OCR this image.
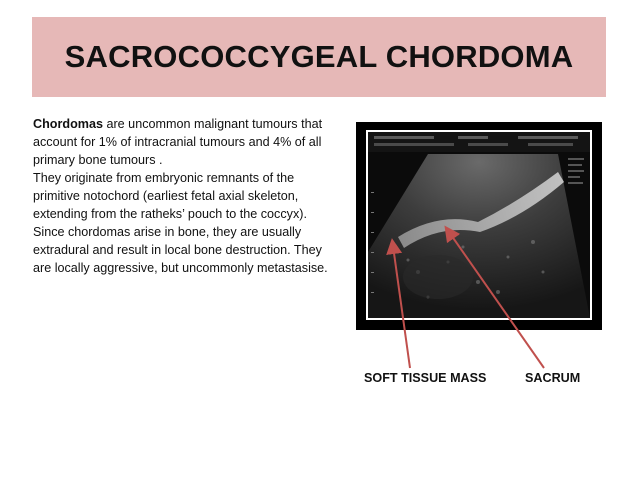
SACROCOCCYGEAL CHORDOMA

Chordomas are uncommon malignant tumours that account for 1% of intracranial tumours and 4% of all primary bone tumours .

They originate from embryonic remnants of the primitive notochord (earliest fetal axial skeleton, extending from the ratheks’ pouch to the coccyx). Since chordomas arise in bone, they are usually extradural and result in local bone destruction. They are locally aggressive, but uncommonly metastasise.

SOFT TISSUE MASS	SACRUM
